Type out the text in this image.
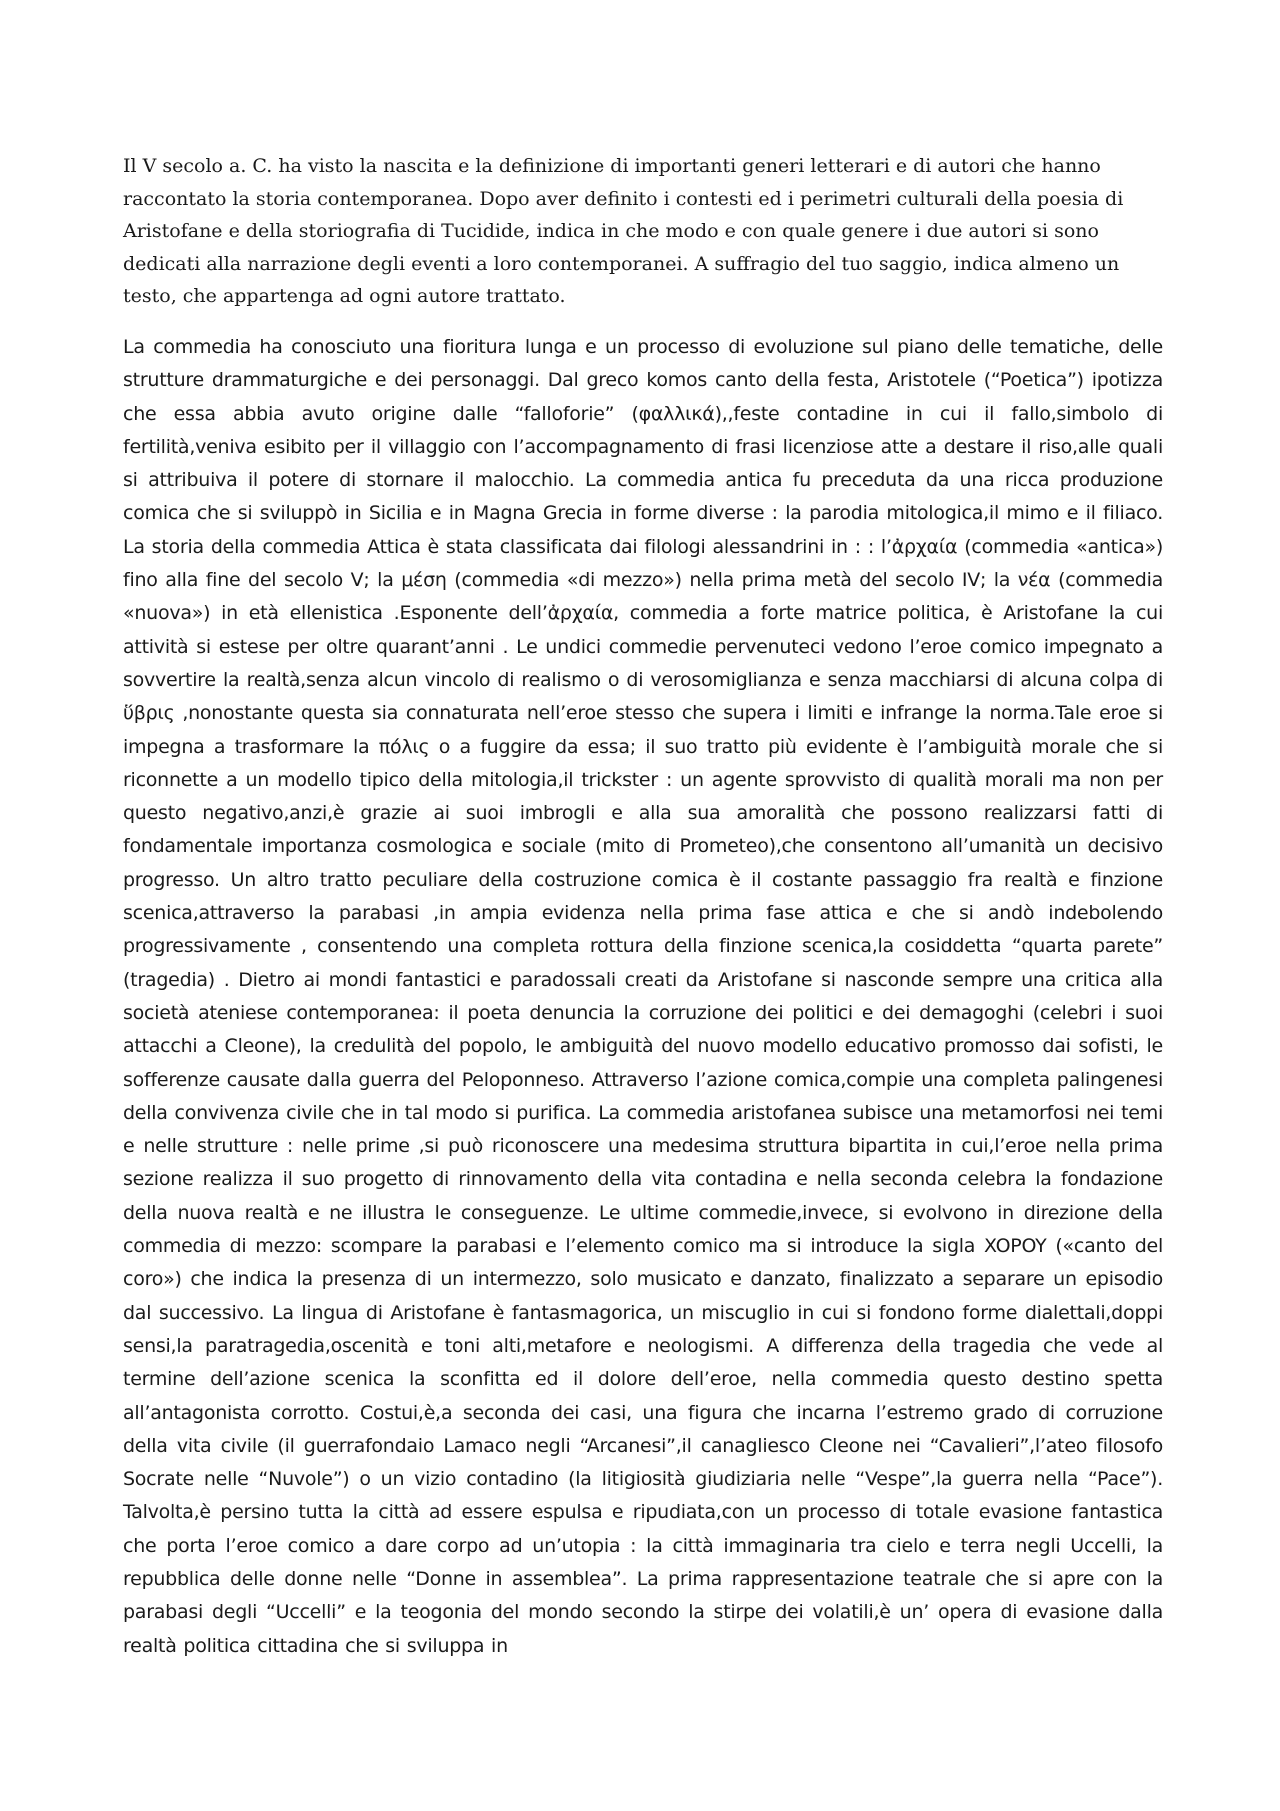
Il V secolo a. C. ha visto la nascita e la definizione di importanti generi letterari e di autori che hanno raccontato la storia contemporanea. Dopo aver definito i contesti ed i perimetri culturali della poesia di Aristofane e della storiografia di Tucidide, indica in che modo e con quale genere i due autori si sono dedicati alla narrazione degli eventi a loro contemporanei. A suffragio del tuo saggio, indica almeno un testo, che appartenga ad ogni autore trattato.

La commedia ha conosciuto una fioritura lunga e un processo di evoluzione sul piano delle tematiche, delle strutture drammaturgiche e dei personaggi. Dal greco komos canto della festa, Aristotele (“Poetica”) ipotizza che essa abbia avuto origine dalle “falloforie” (φαλλικά),,feste contadine in cui il fallo,simbolo di fertilità,veniva esibito per il villaggio con l’accompagnamento di frasi licenziose atte a destare il riso,alle quali si attribuiva il potere di stornare il malocchio. La commedia antica fu preceduta da una ricca produzione comica che si sviluppò in Sicilia e in Magna Grecia in forme diverse : la parodia mitologica,il mimo e il filiaco. La storia della commedia Attica è stata classificata dai filologi alessandrini in : : l’ἀρχαία (commedia «antica») fino alla fine del secolo V; la μέση (commedia «di mezzo») nella prima metà del secolo IV; la νέα (commedia «nuova») in età ellenistica .Esponente dell’ἀρχαία, commedia a forte matrice politica, è Aristofane la cui attività si estese per oltre quarant’anni . Le undici commedie pervenuteci vedono l’eroe comico impegnato a sovvertire la realtà,senza alcun vincolo di realismo o di verosomiglianza e senza macchiarsi di alcuna colpa di ὕβρις ,nonostante questa sia connaturata nell’eroe stesso che supera i limiti e infrange la norma.Tale eroe si impegna a trasformare la πόλις o a fuggire da essa; il suo tratto più evidente è l’ambiguità morale che si riconnette a un modello tipico della mitologia,il trickster : un agente sprovvisto di qualità morali ma non per questo negativo,anzi,è grazie ai suoi imbrogli e alla sua amoralità che possono realizzarsi fatti di fondamentale importanza cosmologica e sociale (mito di Prometeo),che consentono all’umanità un decisivo progresso. Un altro tratto peculiare della costruzione comica è il costante passaggio fra realtà e finzione scenica,attraverso la parabasi ,in ampia evidenza nella prima fase attica e che si andò indebolendo progressivamente , consentendo una completa rottura della finzione scenica,la cosiddetta “quarta parete” (tragedia) . Dietro ai mondi fantastici e paradossali creati da Aristofane si nasconde sempre una critica alla società ateniese contemporanea: il poeta denuncia la corruzione dei politici e dei demagoghi (celebri i suoi attacchi a Cleone), la credulità del popolo, le ambiguità del nuovo modello educativo promosso dai sofisti, le sofferenze causate dalla guerra del Peloponneso. Attraverso l’azione comica,compie una completa palingenesi della convivenza civile che in tal modo si purifica. La commedia aristofanea subisce una metamorfosi nei temi e nelle strutture : nelle prime ,si può riconoscere una medesima struttura bipartita in cui,l’eroe nella prima sezione realizza il suo progetto di rinnovamento della vita contadina e nella seconda celebra la fondazione della nuova realtà e ne illustra le conseguenze. Le ultime commedie,invece, si evolvono in direzione della commedia di mezzo: scompare la parabasi e l’elemento comico ma si introduce la sigla XOPOY («canto del coro») che indica la presenza di un intermezzo, solo musicato e danzato, finalizzato a separare un episodio dal successivo. La lingua di Aristofane è fantasmagorica, un miscuglio in cui si fondono forme dialettali,doppi sensi,la paratragedia,oscenità e toni alti,metafore e neologismi. A differenza della tragedia che vede al termine dell’azione scenica la sconfitta ed il dolore dell’eroe, nella commedia questo destino spetta all’antagonista corrotto. Costui,è,a seconda dei casi, una figura che incarna l’estremo grado di corruzione della vita civile (il guerrafondaio Lamaco negli “Arcanesi”,il canagliesco Cleone nei “Cavalieri”,l’ateo filosofo Socrate nelle “Nuvole”) o un vizio contadino (la litigiosità giudiziaria nelle “Vespe”,la guerra nella “Pace”). Talvolta,è persino tutta la città ad essere espulsa e ripudiata,con un processo di totale evasione fantastica che porta l’eroe comico a dare corpo ad un’utopia : la città immaginaria tra cielo e terra negli Uccelli, la repubblica delle donne nelle “Donne in assemblea”. La prima rappresentazione teatrale che si apre con la parabasi degli “Uccelli” e la teogonia del mondo secondo la stirpe dei volatili,è un’ opera di evasione dalla realtà politica cittadina che si sviluppa in
